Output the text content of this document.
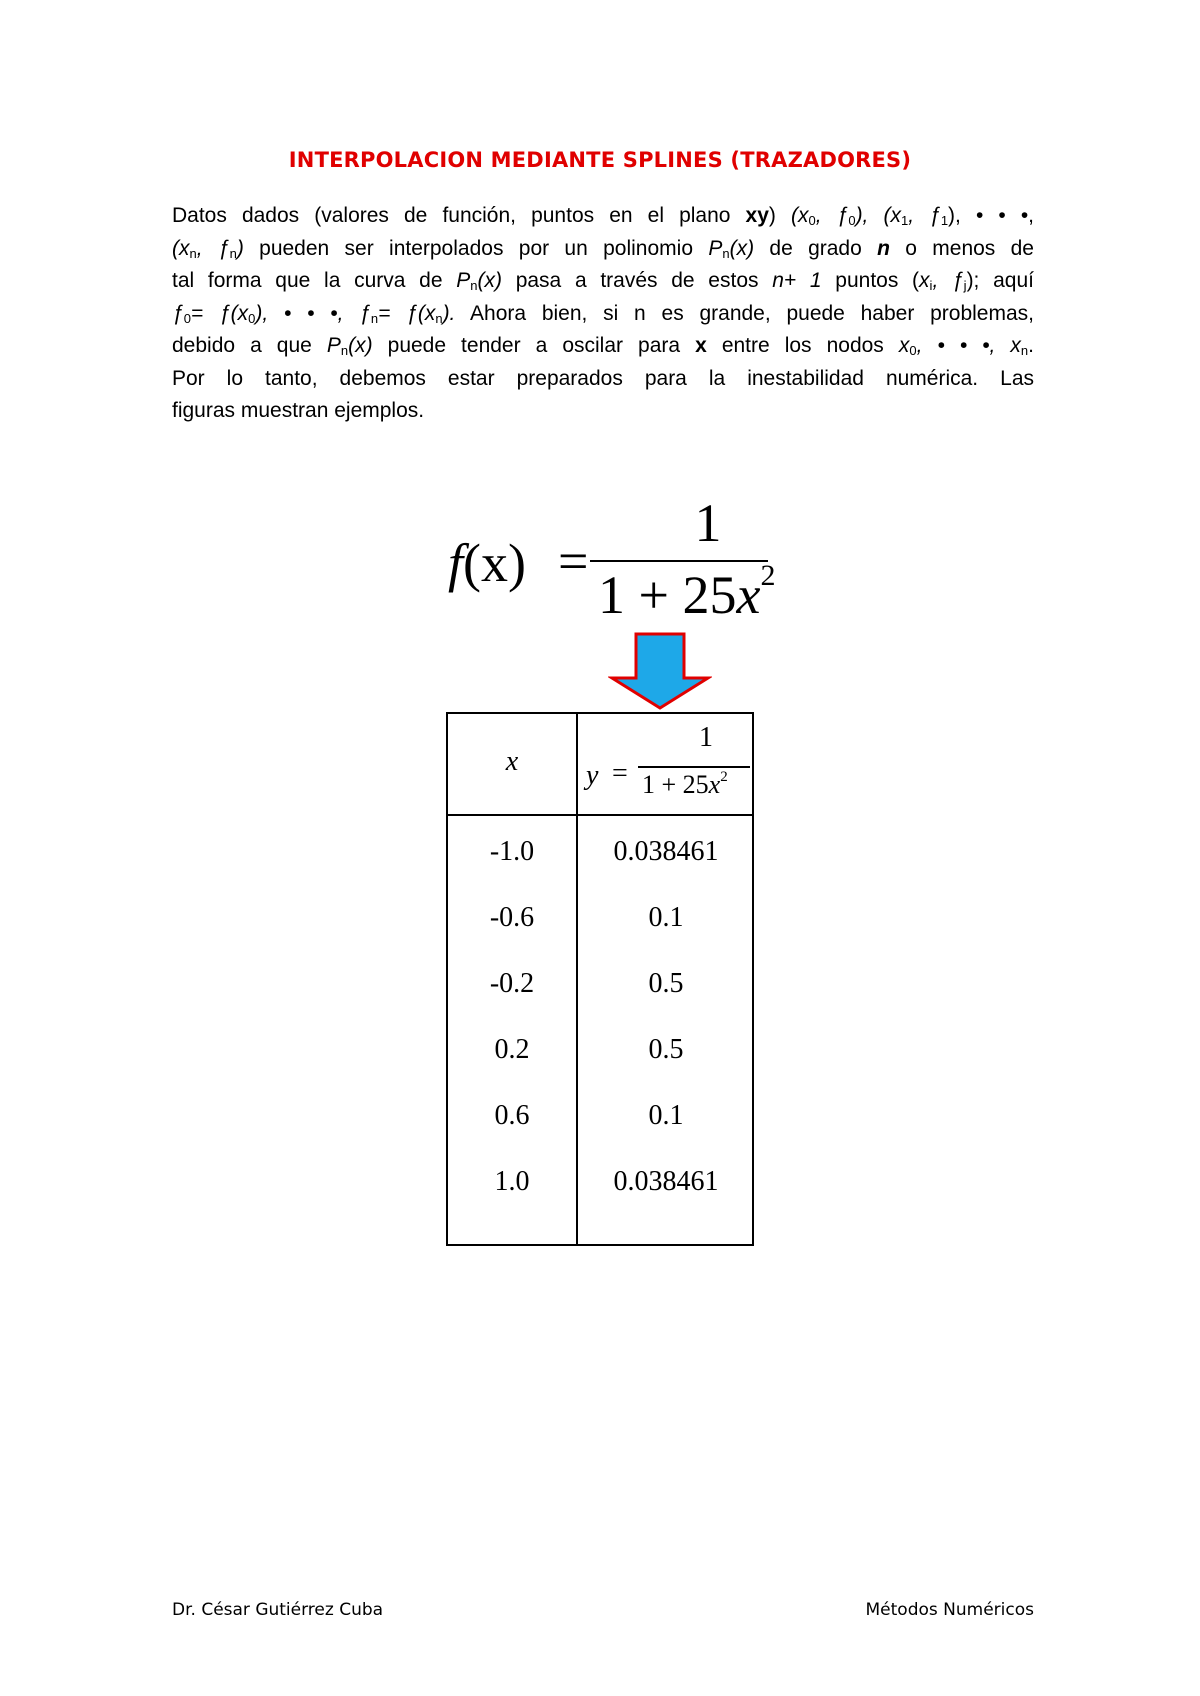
INTERPOLACION MEDIANTE SPLINES (TRAZADORES)
Datos dados (valores de función, puntos en el plano xy) ($x_0$, $ƒ_0$), ($x_1$, $ƒ_1$), • • •,
($x_n$, $ƒ_n$) pueden ser interpolados por un polinomio $P_n(x)$ de grado n o menos de
tal forma que la curva de $P_n(x)$ pasa a través de estos n+ 1 puntos ($x_i$, $ƒ_j$); aquí
$ƒ_0=$ $ƒ(x_0)$, • • •, $ƒ_n=$ $ƒ(x_n)$. Ahora bien, si n es grande, puede haber problemas,
debido a que $P_n(x)$ puede tender a oscilar para x entre los nodos $x_0$, • • •, $x_n$.
Por lo tanto, debemos estar preparados para la inestabilidad numérica. Las
figuras muestran ejemplos.
f(x) =
1
$1 + 25x^2$
x	y =
1
$1 + 25x^2$
-1.0	0.038461
-0.6	0.1
-0.2	0.5
0.2	0.5
0.6	0.1
1.0	0.038461
Dr. César Gutiérrez Cuba	Métodos Numéricos
